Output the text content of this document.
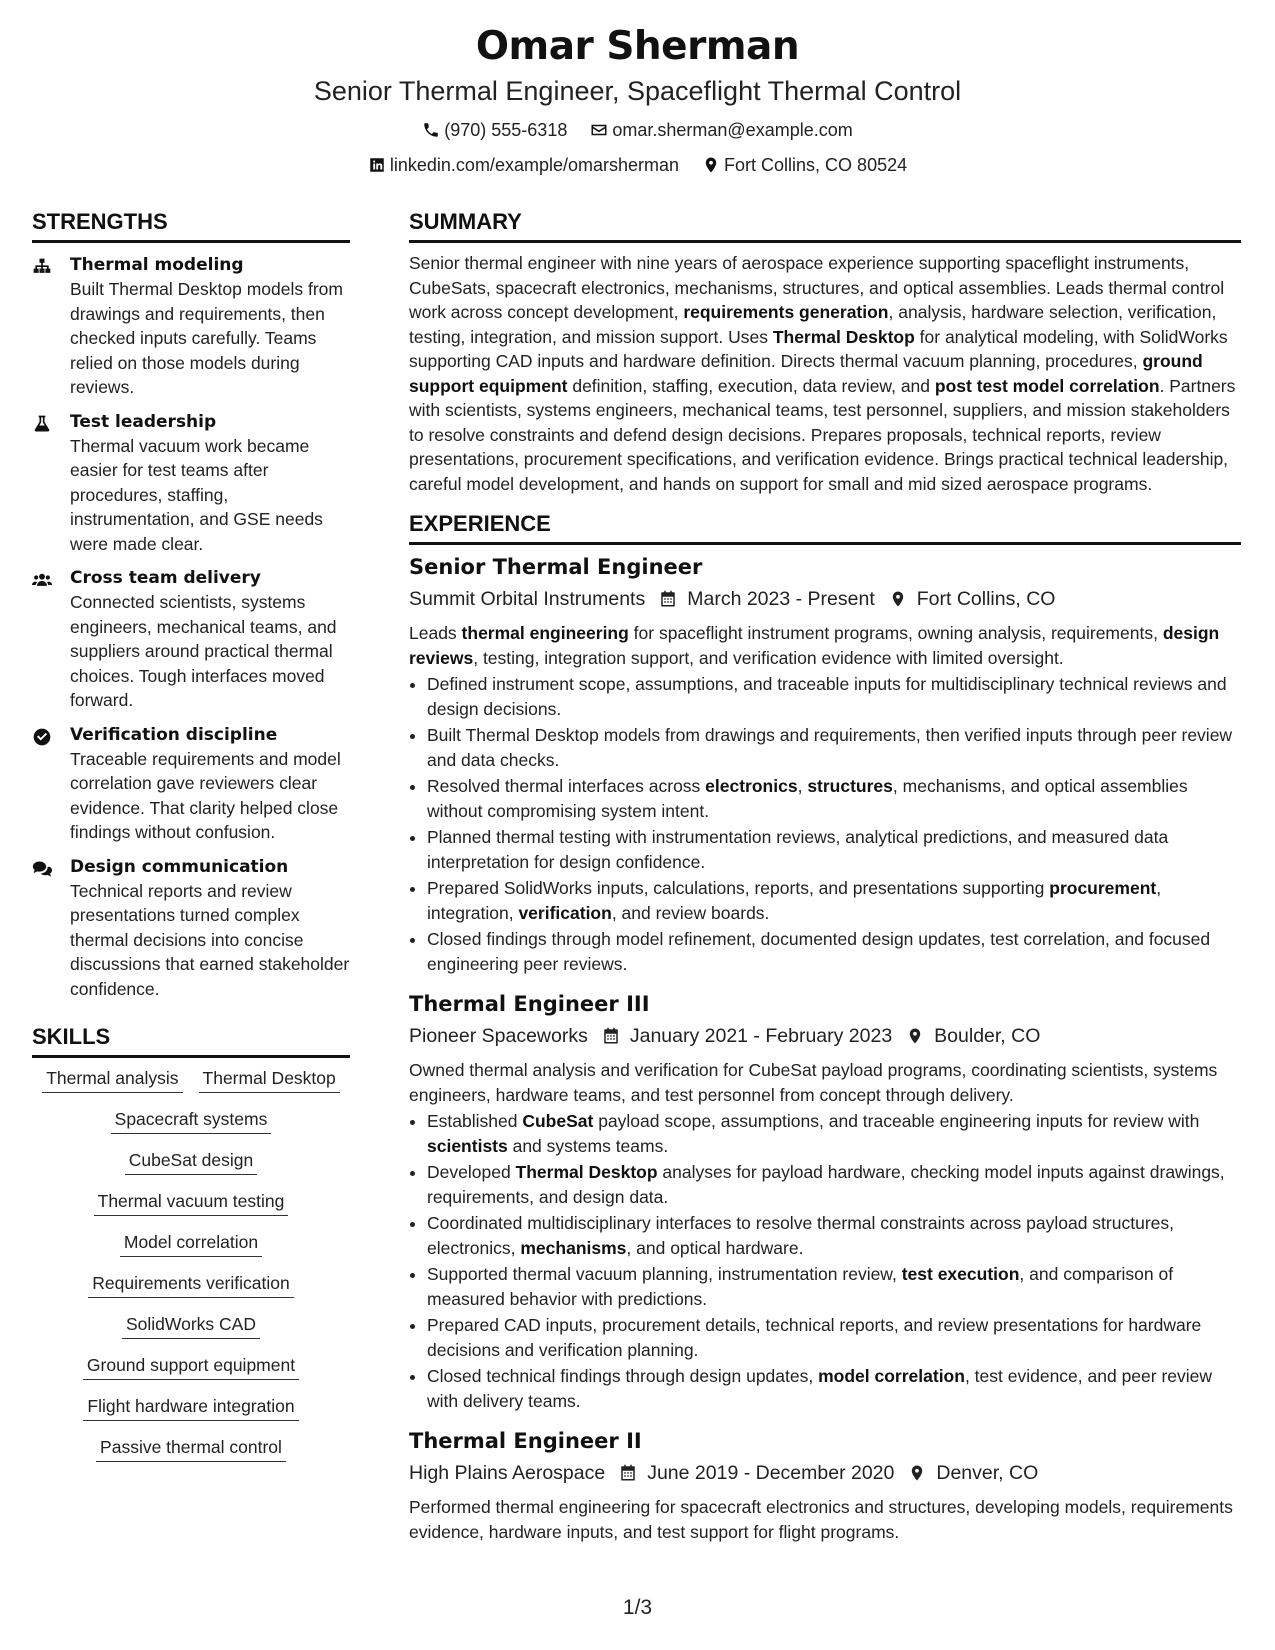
Omar Sherman
Senior Thermal Engineer, Spaceflight Thermal Control
(970) 555-6318
	omar.sherman@example.com
linkedin.com/example/omarsherman
	Fort Collins, CO 80524
STRENGTHS
Thermal modeling
Built Thermal Desktop models from drawings and requirements, then checked inputs carefully. Teams relied on those models during reviews.
Test leadership
Thermal vacuum work became easier for test teams after procedures, staffing, instrumentation, and GSE needs were made clear.
Cross team delivery
Connected scientists, systems engineers, mechanical teams, and suppliers around practical thermal choices. Tough interfaces moved forward.
Verification discipline
Traceable requirements and model correlation gave reviewers clear evidence. That clarity helped close findings without confusion.
Design communication
Technical reports and review presentations turned complex thermal decisions into concise discussions that earned stakeholder confidence.
SKILLS
Thermal analysis Thermal Desktop
Spacecraft systems
CubeSat design
Thermal vacuum testing
Model correlation
Requirements verification
SolidWorks CAD
Ground support equipment
Flight hardware integration
Passive thermal control
SUMMARY
Senior thermal engineer with nine years of aerospace experience supporting spaceflight instruments, CubeSats, spacecraft electronics, mechanisms, structures, and optical assemblies. Leads thermal control work across concept development, requirements generation, analysis, hardware selection, verification, testing, integration, and mission support. Uses Thermal Desktop for analytical modeling, with SolidWorks supporting CAD inputs and hardware definition. Directs thermal vacuum planning, procedures, ground support equipment definition, staffing, execution, data review, and post test model correlation. Partners with scientists, systems engineers, mechanical teams, test personnel, suppliers, and mission stakeholders to resolve constraints and defend design decisions. Prepares proposals, technical reports, review presentations, procurement specifications, and verification evidence. Brings practical technical leadership, careful model development, and hands on support for small and mid sized aerospace programs.
EXPERIENCE
Senior Thermal Engineer
Summit Orbital Instruments March 2023 - Present Fort Collins, CO
Leads thermal engineering for spaceflight instrument programs, owning analysis, requirements, design reviews, testing, integration support, and verification evidence with limited oversight.
• Defined instrument scope, assumptions, and traceable inputs for multidisciplinary technical reviews and design decisions.
• Built Thermal Desktop models from drawings and requirements, then verified inputs through peer review and data checks.
• Resolved thermal interfaces across electronics, structures, mechanisms, and optical assemblies without compromising system intent.
• Planned thermal testing with instrumentation reviews, analytical predictions, and measured data interpretation for design confidence.
• Prepared SolidWorks inputs, calculations, reports, and presentations supporting procurement, integration, verification, and review boards.
• Closed findings through model refinement, documented design updates, test correlation, and focused engineering peer reviews.
Thermal Engineer III
Pioneer Spaceworks January 2021 - February 2023 Boulder, CO
Owned thermal analysis and verification for CubeSat payload programs, coordinating scientists, systems engineers, hardware teams, and test personnel from concept through delivery.
• Established CubeSat payload scope, assumptions, and traceable engineering inputs for review with scientists and systems teams.
• Developed Thermal Desktop analyses for payload hardware, checking model inputs against drawings, requirements, and design data.
• Coordinated multidisciplinary interfaces to resolve thermal constraints across payload structures, electronics, mechanisms, and optical hardware.
• Supported thermal vacuum planning, instrumentation review, test execution, and comparison of measured behavior with predictions.
• Prepared CAD inputs, procurement details, technical reports, and review presentations for hardware decisions and verification planning.
• Closed technical findings through design updates, model correlation, test evidence, and peer review with delivery teams.
Thermal Engineer II
High Plains Aerospace June 2019 - December 2020 Denver, CO
Performed thermal engineering for spacecraft electronics and structures, developing models, requirements evidence, hardware inputs, and test support for flight programs.
1/3
